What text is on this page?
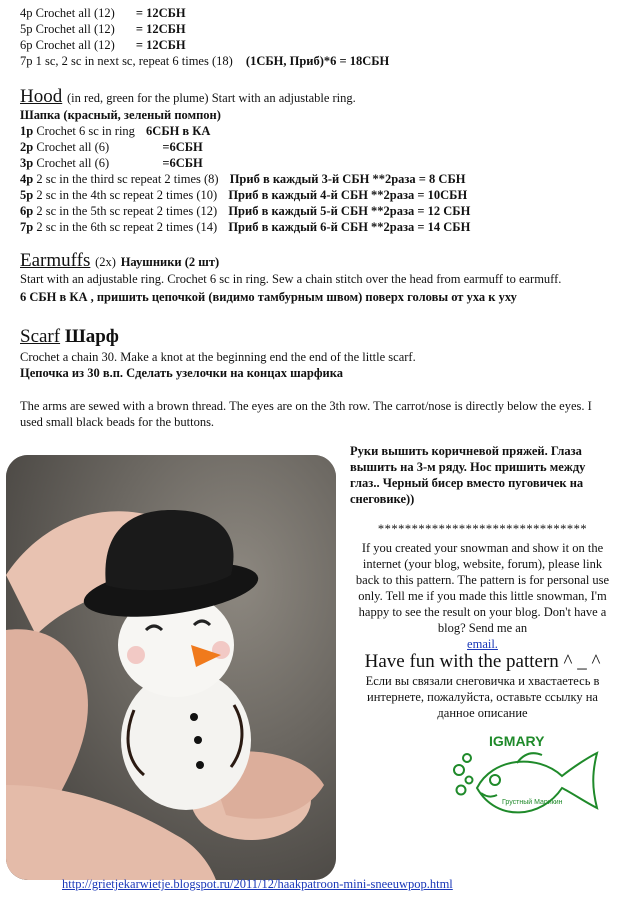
4p Crochet all (12) = 12СБН
5p Crochet all (12) = 12СБН
6p Crochet all (12) = 12СБН
7p 1 sc, 2 sc in next sc, repeat 6 times (18) (1СБН, Приб)*6 = 18СБН
Hood (in red, green for the plume) Start with an adjustable ring.
Шапка (красный, зеленый помпон)
1p Crochet 6 sc in ring 6СБН в КА
2p Crochet all (6)	=6СБН
3p Crochet all (6)	=6СБН
4p 2 sc in the third sc repeat 2 times (8) Приб в каждый 3-й СБН **2раза = 8 СБН
5p 2 sc in the 4th sc repeat 2 times (10) Приб в каждый 4-й СБН **2раза = 10СБН
6p 2 sc in the 5th sc repeat 2 times (12) Приб в каждый 5-й СБН **2раза = 12 СБН
7p 2 sc in the 6th sc repeat 2 times (14) Приб в каждый 6-й СБН **2раза = 14 СБН
Earmuffs (2x) Наушники (2 шт)
Start with an adjustable ring. Crochet 6 sc in ring. Sew a chain stitch over the head from earmuff to earmuff.
6 СБН в КА , пришить цепочкой (видимо тамбурным швом) поверх головы от уха к уху
Scarf Шарф
Crochet a chain 30. Make a knot at the beginning end the end of the little scarf.
Цепочка из 30 в.п. Сделать узелочки на концах шарфика
The arms are sewed with a brown thread. The eyes are on the 3th row. The carrot/nose is directly below the eyes. I used small black beads for the buttons.
Руки вышить коричневой пряжей. Глаза вышить на 3-м ряду. Нос пришить между глаз.. Черный бисер вместо пуговичек на снеговике))
*******************************
If you created your snowman and show it on the internet (your blog, website, forum), please link back to this pattern. The pattern is for personal use only. Tell me if you made this little snowman, I'm happy to see the result on your blog. Don't have a blog? Send me an
email.
Have fun with the pattern ^ _ ^
Если вы связали снеговичка и хвастаетесь в интернете, пожалуйста, оставьте ссылку на данное описание
IGMARY
Грустный Марикин
http://grietjekarwietje.blogspot.ru/2011/12/haakpatroon-mini-sneeuwpop.html
